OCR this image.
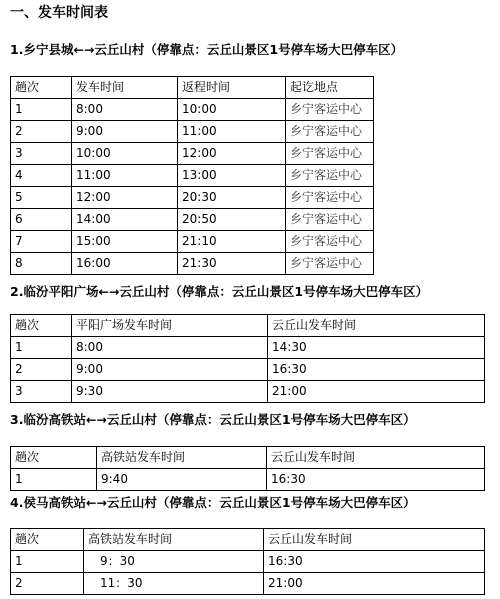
一、发车时间表
1.乡宁县城←→云丘山村（停靠点：云丘山景区1号停车场大巴停车区）
趟次	发车时间	返程时间	起讫地点
1	8:00	10:00	乡宁客运中心
2	9:00	11:00	乡宁客运中心
3	10:00	12:00	乡宁客运中心
4	11:00	13:00	乡宁客运中心
5	12:00	20:30	乡宁客运中心
6	14:00	20:50	乡宁客运中心
7	15:00	21:10	乡宁客运中心
8	16:00	21:30	乡宁客运中心
2.临汾平阳广场←→云丘山村（停靠点：云丘山景区1号停车场大巴停车区）
趟次	平阳广场发车时间	云丘山发车时间
1	8:00	14:30
2	9:00	16:30
3	9:30	21:00
3.临汾高铁站←→云丘山村（停靠点：云丘山景区1号停车场大巴停车区）
趟次	高铁站发车时间	云丘山发车时间
1	9:40	16:30
4.侯马高铁站←→云丘山村（停靠点：云丘山景区1号停车场大巴停车区）
趟次	高铁站发车时间	云丘山发车时间
1	9：30	16:30
2	11：30	21:00
